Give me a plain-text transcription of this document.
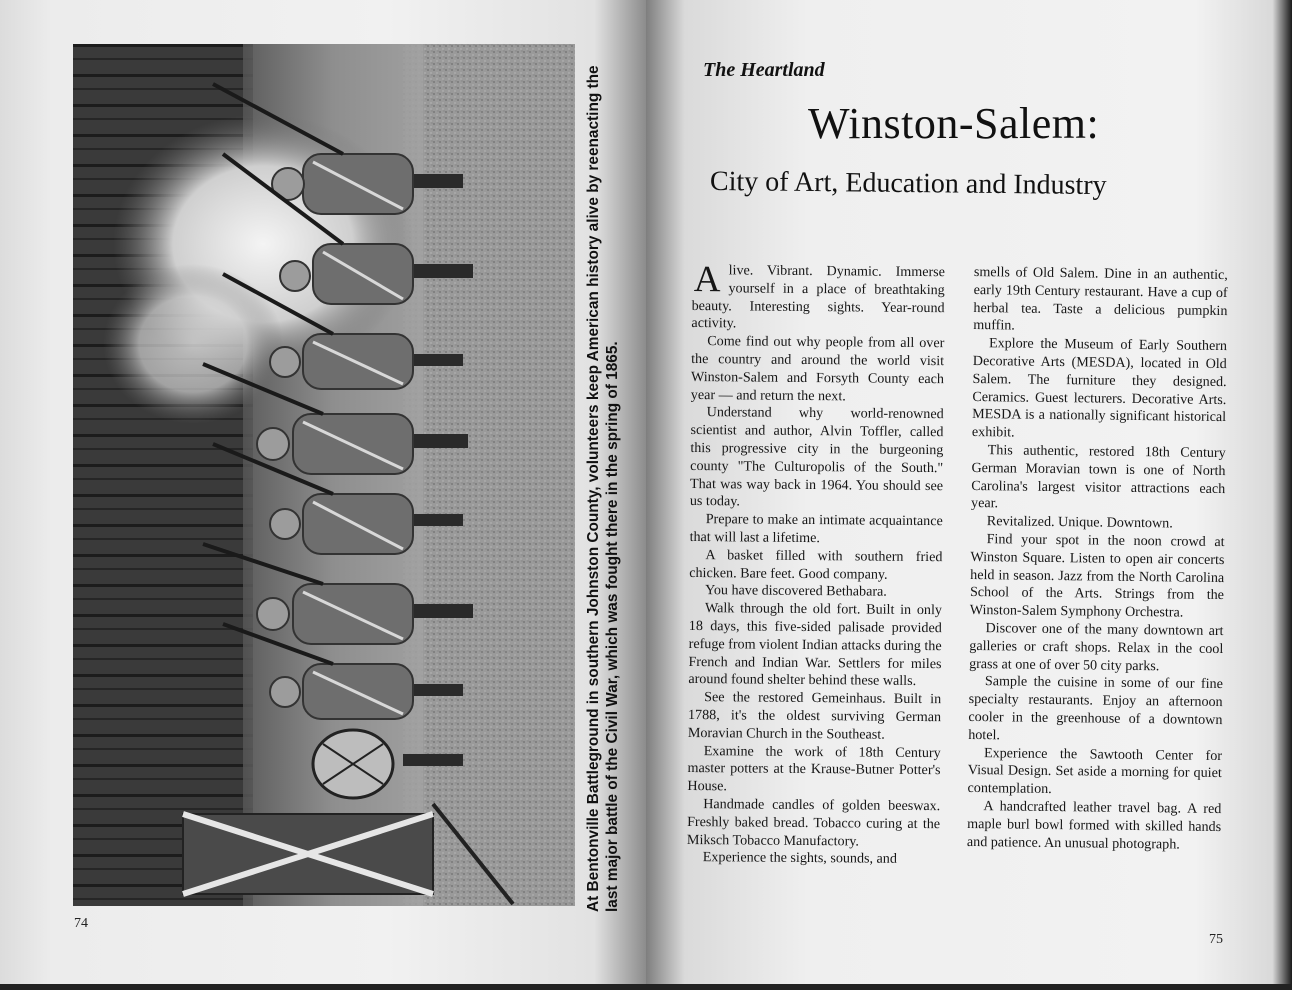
At Bentonville Battleground in southern Johnston County, volunteers keep American history alive by reenacting the last major battle of the Civil War, which was fought there in the spring of 1865.
74
The Heartland
Winston-Salem:
City of Art, Education and Industry

Alive. Vibrant. Dynamic. Immerse yourself in a place of breathtaking beauty. Interesting sights. Year-round activity.

Come find out why people from all over the country and around the world visit Winston-Salem and Forsyth County each year — and return the next.

Understand why world-renowned scientist and author, Alvin Toffler, called this progressive city in the burgeoning county "The Culturopolis of the South." That was way back in 1964. You should see us today.

Prepare to make an intimate acquaintance that will last a lifetime.

A basket filled with southern fried chicken. Bare feet. Good company.

You have discovered Bethabara.

Walk through the old fort. Built in only 18 days, this five-sided palisade provided refuge from violent Indian attacks during the French and Indian War. Settlers for miles around found shelter behind these walls.

See the restored Gemeinhaus. Built in 1788, it's the oldest surviving German Moravian Church in the Southeast.

Examine the work of 18th Century master potters at the Krause-Butner Potter's House.

Handmade candles of golden beeswax. Freshly baked bread. Tobacco curing at the Miksch Tobacco Manufactory.

Experience the sights, sounds, and

smells of Old Salem. Dine in an authentic, early 19th Century restaurant. Have a cup of herbal tea. Taste a delicious pumpkin muffin.

Explore the Museum of Early Southern Decorative Arts (MESDA), located in Old Salem. The furniture they designed. Ceramics. Guest lecturers. Decorative Arts. MESDA is a nationally significant historical exhibit.

This authentic, restored 18th Century German Moravian town is one of North Carolina's largest visitor attractions each year.

Revitalized. Unique. Downtown.

Find your spot in the noon crowd at Winston Square. Listen to open air concerts held in season. Jazz from the North Carolina School of the Arts. Strings from the Winston-Salem Symphony Orchestra.

Discover one of the many downtown art galleries or craft shops. Relax in the cool grass at one of over 50 city parks.

Sample the cuisine in some of our fine specialty restaurants. Enjoy an afternoon cooler in the greenhouse of a downtown hotel.

Experience the Sawtooth Center for Visual Design. Set aside a morning for quiet contemplation.

A handcrafted leather travel bag. A red maple burl bowl formed with skilled hands and patience. An unusual photograph.

75
